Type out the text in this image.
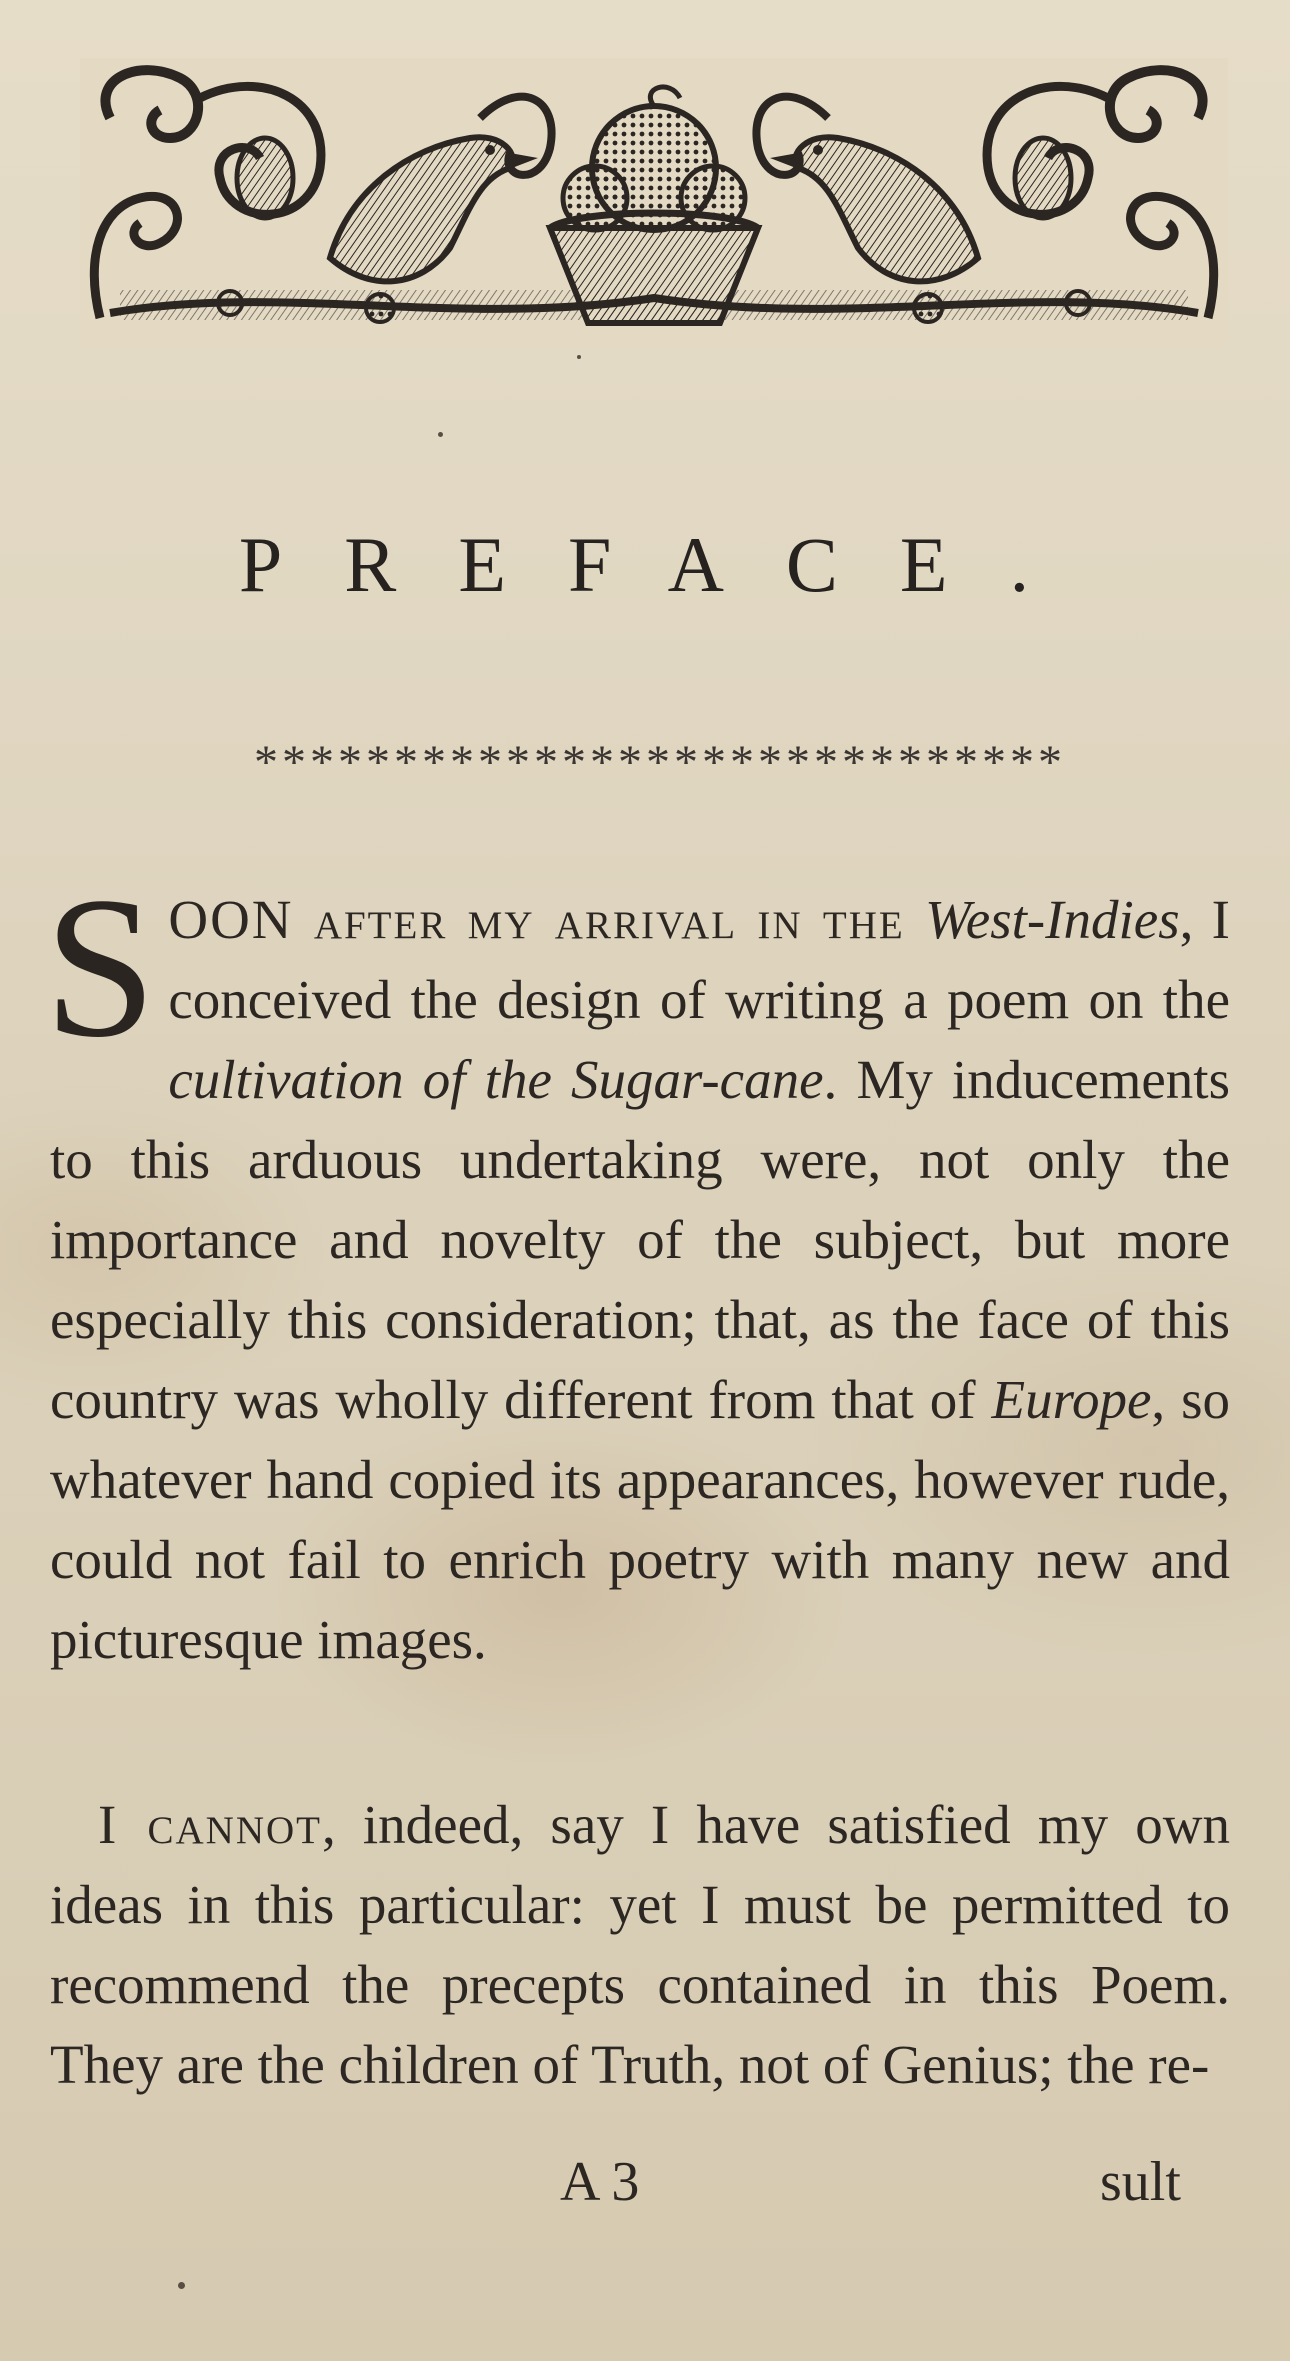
PREFACE.
*****************************

SOON after my arrival in the West-Indies, I conceived the design of writing a poem on the cultivation of the Sugar-cane. My inducements to this arduous undertaking were, not only the importance and novelty of the subject, but more especially this consideration; that, as the face of this country was wholly different from that of Europe, so whatever hand copied its appearances, however rude, could not fail to enrich poetry with many new and picturesque images.

I cannot, indeed, say I have satisfied my own ideas in this particular: yet I must be permitted to recommend the precepts contained in this Poem. They are the children of Truth, not of Genius; the re-

A 3	sult
